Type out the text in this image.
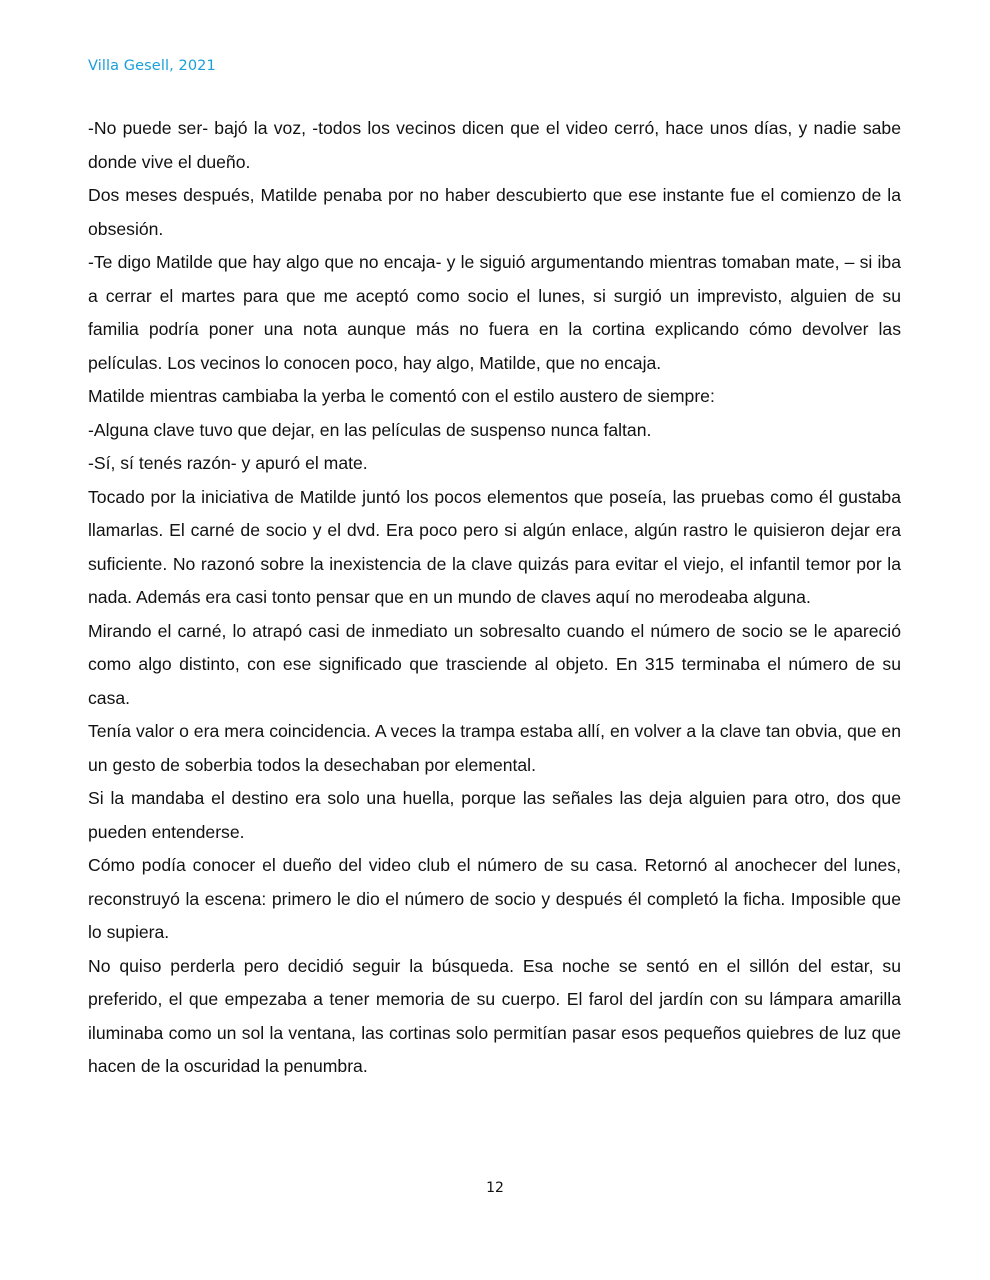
Villa Gesell, 2021

-No puede ser- bajó la voz, -todos los vecinos dicen que el video cerró, hace unos días, y nadie sabe donde vive el dueño.

Dos meses después, Matilde penaba por no haber descubierto que ese instante fue el comienzo de la obsesión.

-Te digo Matilde que hay algo que no encaja- y le siguió argumentando mientras tomaban mate, – si iba a cerrar el martes para que me aceptó como socio el lunes, si surgió un imprevisto, alguien de su familia podría poner una nota aunque más no fuera en la cortina explicando cómo devolver las películas. Los vecinos lo conocen poco, hay algo, Matilde, que no encaja.

Matilde mientras cambiaba la yerba le comentó con el estilo austero de siempre:

-Alguna clave tuvo que dejar, en las películas de suspenso nunca faltan.

-Sí, sí tenés razón- y apuró el mate.

Tocado por la iniciativa de Matilde juntó los pocos elementos que poseía, las pruebas como él gustaba llamarlas. El carné de socio y el dvd. Era poco pero si algún enlace, algún rastro le quisieron dejar era suficiente. No razonó sobre la inexistencia de la clave quizás para evitar el viejo, el infantil temor por la nada. Además era casi tonto pensar que en un mundo de claves aquí no merodeaba alguna.

Mirando el carné, lo atrapó casi de inmediato un sobresalto cuando el número de socio se le apareció como algo distinto, con ese significado que trasciende al objeto. En 315 terminaba el número de su casa.

Tenía valor o era mera coincidencia. A veces la trampa estaba allí, en volver a la clave tan obvia, que en un gesto de soberbia todos la desechaban por elemental.

Si la mandaba el destino era solo una huella, porque las señales las deja alguien para otro, dos que pueden entenderse.

Cómo podía conocer el dueño del video club el número de su casa. Retornó al anochecer del lunes, reconstruyó la escena: primero le dio el número de socio y después él completó la ficha. Imposible que lo supiera.

No quiso perderla pero decidió seguir la búsqueda. Esa noche se sentó en el sillón del estar, su preferido, el que empezaba a tener memoria de su cuerpo. El farol del jardín con su lámpara amarilla iluminaba como un sol la ventana, las cortinas solo permitían pasar esos pequeños quiebres de luz que hacen de la oscuridad la penumbra.

12
